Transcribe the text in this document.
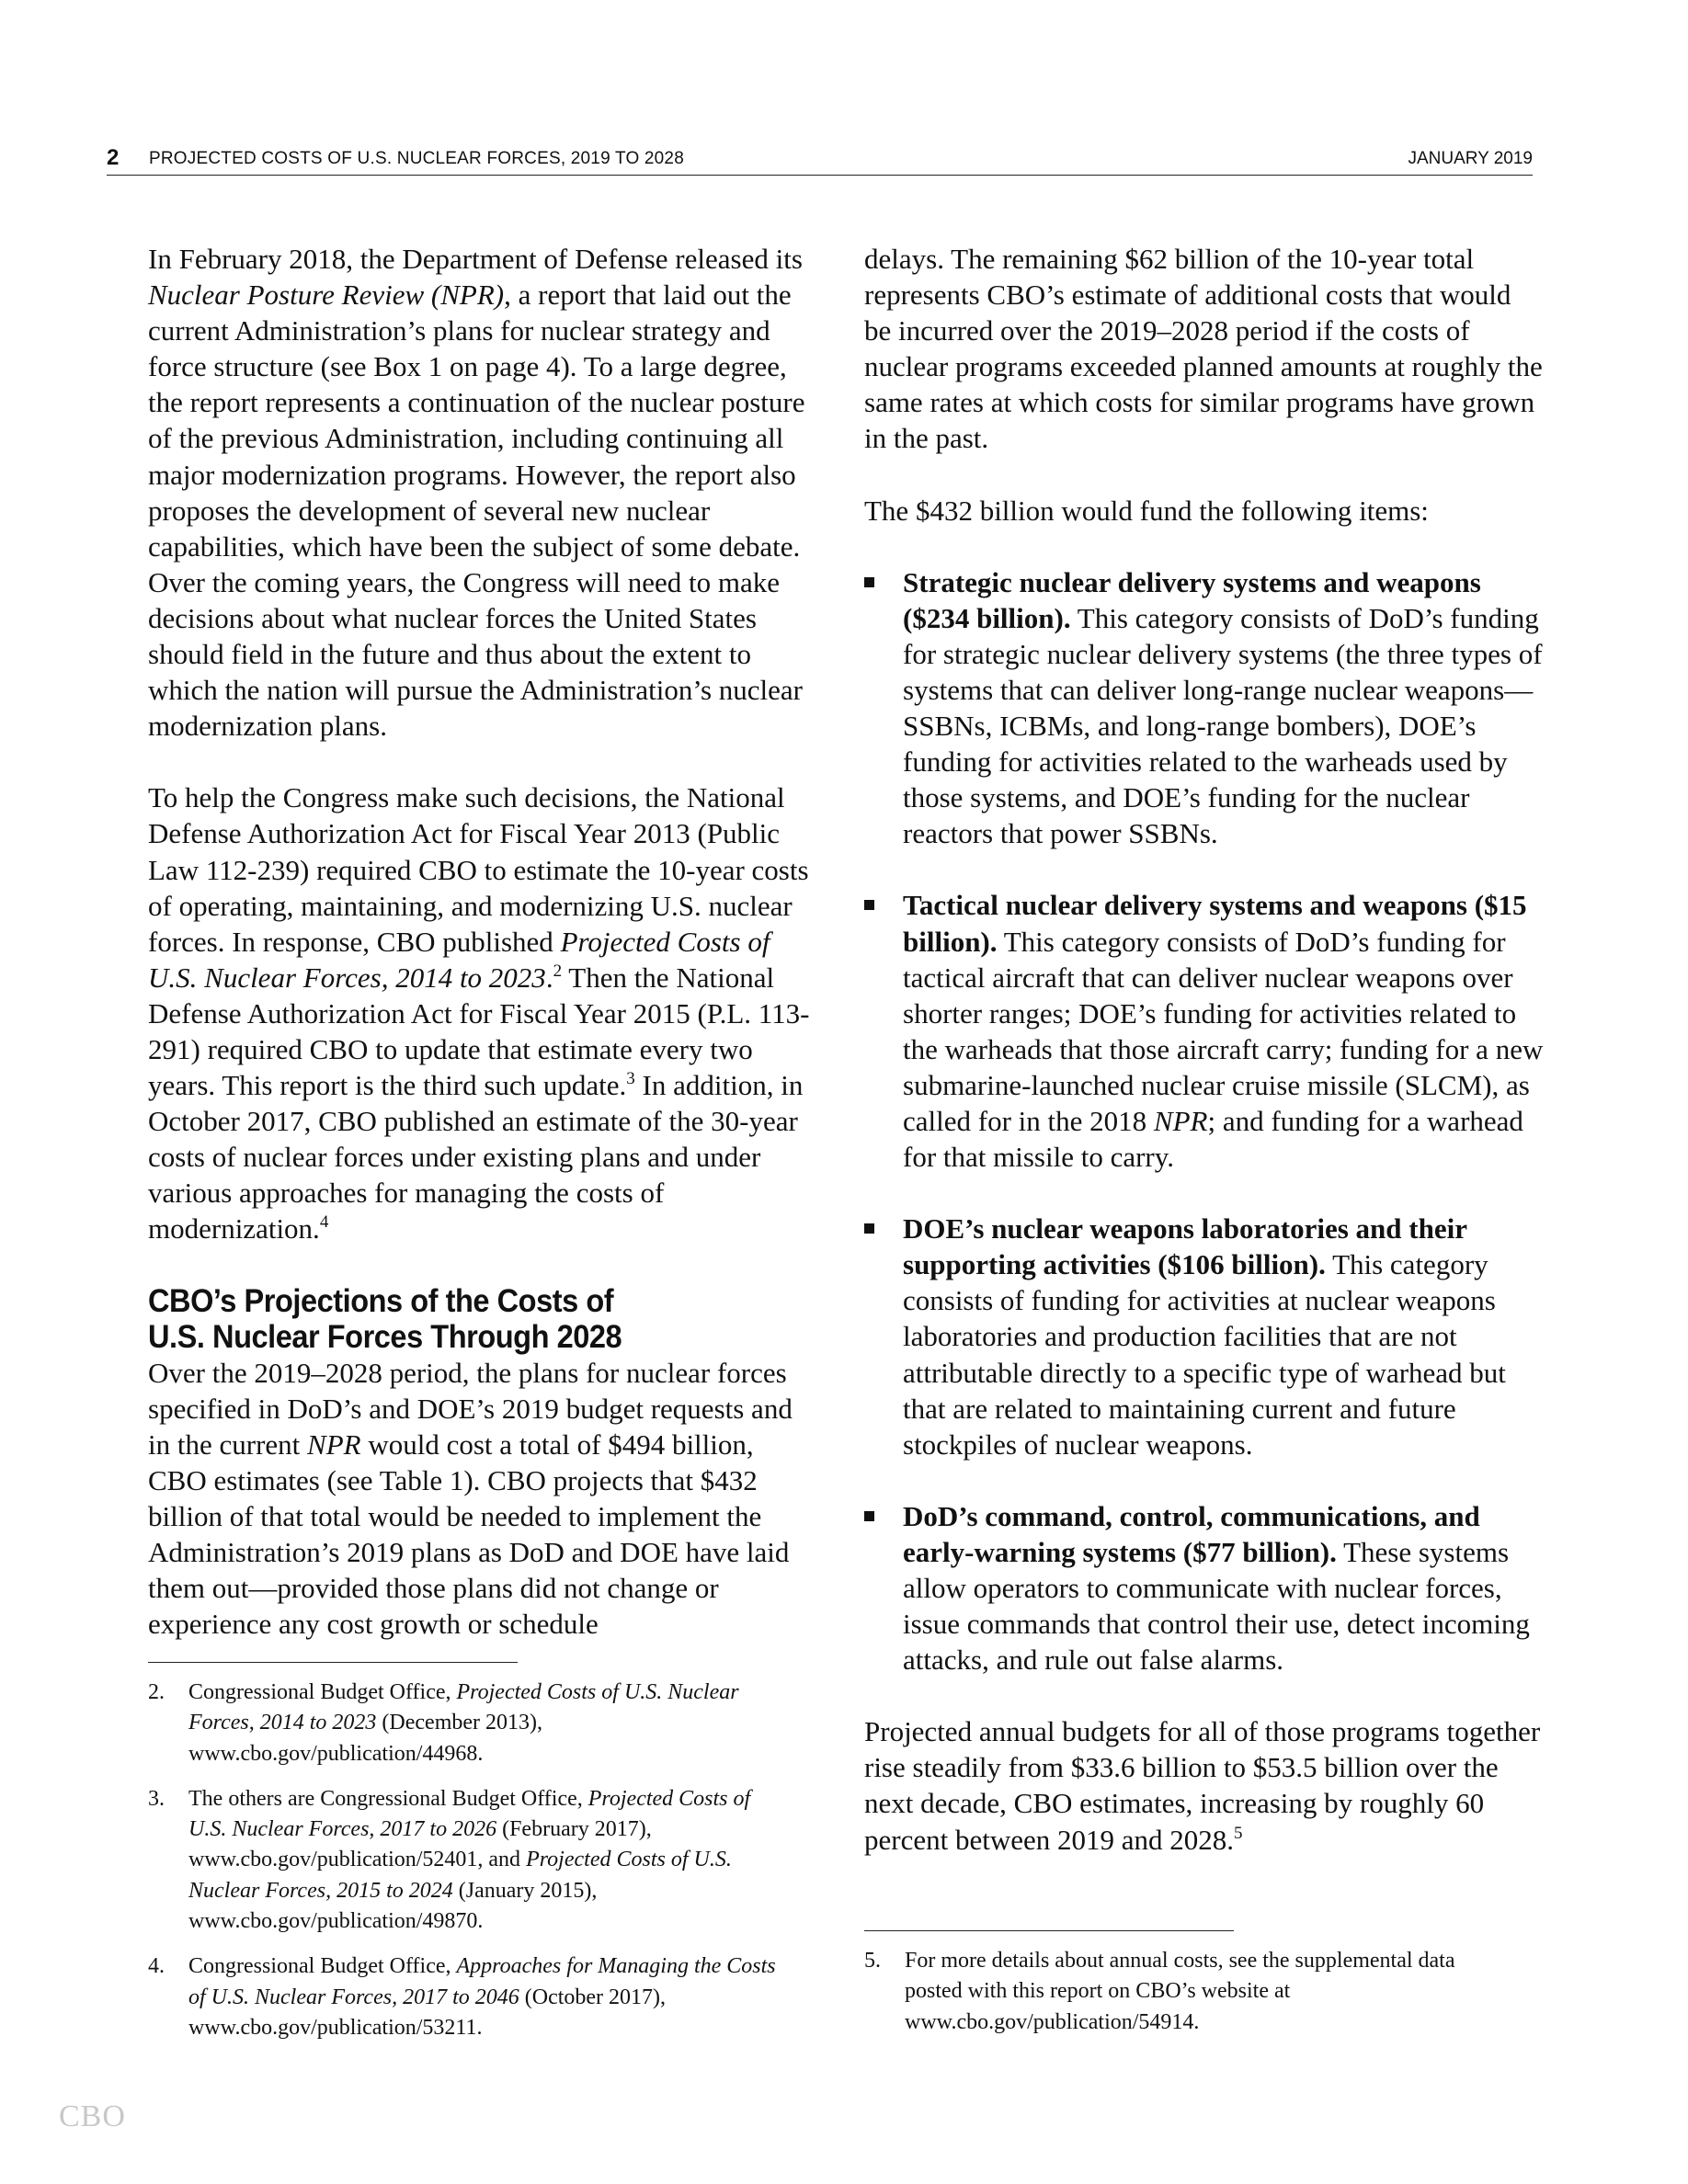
2 PROJECTED COSTS OF U.S. NUCLEAR FORCES, 2019 TO 2028	JANUARY 2019

In February 2018, the Department of Defense released its Nuclear Posture Review (NPR), a report that laid out the current Administration’s plans for nuclear strategy and force structure (see Box 1 on page 4). To a large degree, the report represents a continuation of the nuclear posture of the previous Administration, including continuing all major modernization programs. However, the report also proposes the development of several new nuclear capabilities, which have been the subject of some debate. Over the coming years, the Congress will need to make decisions about what nuclear forces the United States should field in the future and thus about the extent to which the nation will pursue the Administration’s nuclear modernization plans.

To help the Congress make such decisions, the National Defense Authorization Act for Fiscal Year 2013 (Public Law 112-239) required CBO to estimate the 10-year costs of operating, maintaining, and modernizing U.S. nuclear forces. In response, CBO published Projected Costs of U.S. Nuclear Forces, 2014 to 2023.$^2$ Then the National Defense Authorization Act for Fiscal Year 2015 (P.L. 113-291) required CBO to update that estimate every two years. This report is the third such update.$^3$ In addition, in October 2017, CBO published an estimate of the 30-year costs of nuclear forces under existing plans and under various approaches for managing the costs of modernization.$^4$

CBO’s Projections of the Costs of
U.S. Nuclear Forces Through 2028

Over the 2019–2028 period, the plans for nuclear forces specified in DoD’s and DOE’s 2019 budget requests and in the current NPR would cost a total of $494 billion, CBO estimates (see Table 1). CBO projects that $432 billion of that total would be needed to implement the Administration’s 2019 plans as DoD and DOE have laid them out—provided those plans did not change or experience any cost growth or schedule

2. Congressional Budget Office, Projected Costs of U.S. Nuclear Forces, 2014 to 2023 (December 2013), www.cbo.gov/publication/44968.
3. The others are Congressional Budget Office, Projected Costs of U.S. Nuclear Forces, 2017 to 2026 (February 2017), www.cbo.gov/publication/52401, and Projected Costs of U.S. Nuclear Forces, 2015 to 2024 (January 2015), www.cbo.gov/publication/49870.
4. Congressional Budget Office, Approaches for Managing the Costs of U.S. Nuclear Forces, 2017 to 2046 (October 2017), www.cbo.gov/publication/53211.

delays. The remaining $62 billion of the 10-year total represents CBO’s estimate of additional costs that would be incurred over the 2019–2028 period if the costs of nuclear programs exceeded planned amounts at roughly the same rates at which costs for similar programs have grown in the past.

The $432 billion would fund the following items:

Strategic nuclear delivery systems and weapons ($234 billion). This category consists of DoD’s funding for strategic nuclear delivery systems (the three types of systems that can deliver long-range nuclear weapons—SSBNs, ICBMs, and long-range bombers), DOE’s funding for activities related to the warheads used by those systems, and DOE’s funding for the nuclear reactors that power SSBNs.
Tactical nuclear delivery systems and weapons ($15 billion). This category consists of DoD’s funding for tactical aircraft that can deliver nuclear weapons over shorter ranges; DOE’s funding for activities related to the warheads that those aircraft carry; funding for a new submarine-launched nuclear cruise missile (SLCM), as called for in the 2018 NPR; and funding for a warhead for that missile to carry.
DOE’s nuclear weapons laboratories and their supporting activities ($106 billion). This category consists of funding for activities at nuclear weapons laboratories and production facilities that are not attributable directly to a specific type of warhead but that are related to maintaining current and future stockpiles of nuclear weapons.
DoD’s command, control, communications, and early-warning systems ($77 billion). These systems allow operators to communicate with nuclear forces, issue commands that control their use, detect incoming attacks, and rule out false alarms.

Projected annual budgets for all of those programs together rise steadily from $33.6 billion to $53.5 billion over the next decade, CBO estimates, increasing by roughly 60 percent between 2019 and 2028.$^5$

5. For more details about annual costs, see the supplemental data posted with this report on CBO’s website at www.cbo.gov/publication/54914.
CBO
